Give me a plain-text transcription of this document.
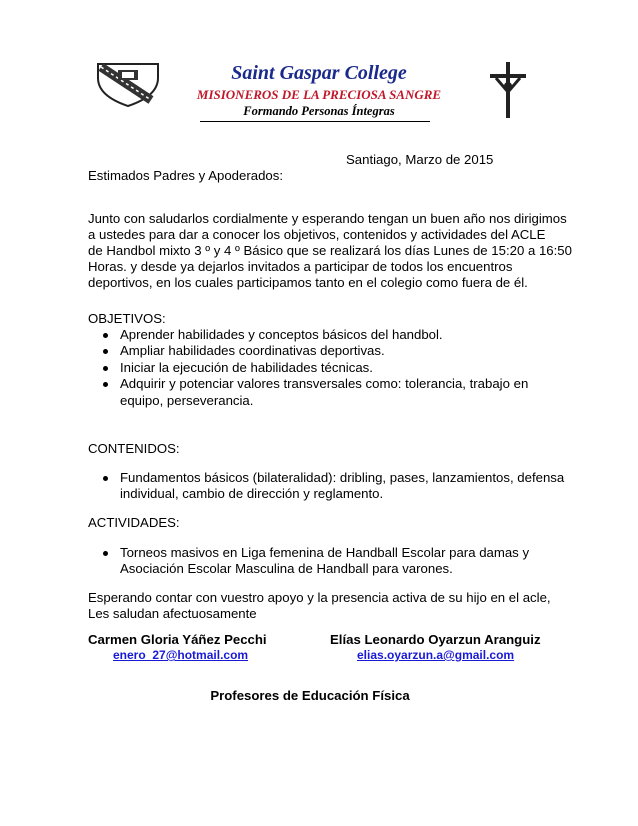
Saint Gaspar College
MISIONEROS DE LA PRECIOSA SANGRE
Formando Personas Íntegras
Santiago, Marzo de 2015
Estimados Padres y Apoderados:
Junto con saludarlos cordialmente y esperando tengan un buen año nos dirigimos
a ustedes para dar a conocer los objetivos, contenidos y actividades del ACLE
de Handbol mixto 3 º y 4 º Básico que se realizará los días Lunes de 15:20 a 16:50
Horas. y desde ya dejarlos invitados a participar de todos los encuentros
deportivos, en los cuales participamos tanto en el colegio como fuera de él.
OBJETIVOS:
Aprender habilidades y conceptos básicos del handbol.
Ampliar habilidades coordinativas deportivas.
Iniciar la ejecución de habilidades técnicas.
Adquirir y potenciar valores transversales como: tolerancia, trabajo en
equipo, perseverancia.
CONTENIDOS:
Fundamentos básicos (bilateralidad): dribling, pases, lanzamientos, defensa
individual, cambio de dirección y reglamento.
ACTIVIDADES:
Torneos masivos en Liga femenina de Handball Escolar para damas y
Asociación Escolar Masculina de Handball para varones.
Esperando contar con vuestro apoyo y la presencia activa de su hijo en el acle,
Les saludan afectuosamente
Carmen Gloria Yáñez Pecchi
enero_27@hotmail.com
Elías Leonardo Oyarzun Aranguiz
elias.oyarzun.a@gmail.com
Profesores de Educación Física
